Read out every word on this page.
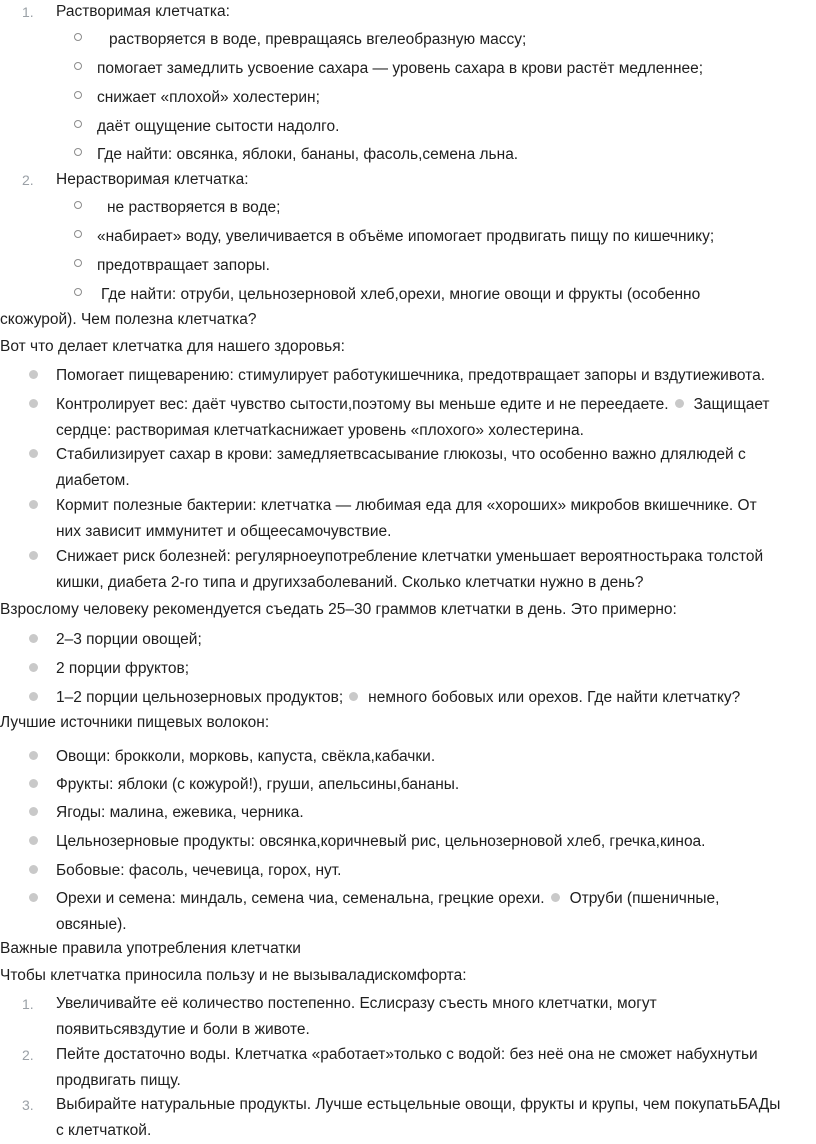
1. Растворимая клетчатка:
растворяется в воде, превращаясь вгелеобразную массу;
помогает замедлить усвоение сахара — уровень сахара в крови растёт медленнее;
снижает «плохой» холестерин;
даёт ощущение сытости надолго.
Где найти: овсянка, яблоки, бананы, фасоль,семена льна.
2. Нерастворимая клетчатка:
не растворяется в воде;
«набирает» воду, увеличивается в объёме ипомогает продвигать пищу по кишечнику;
предотвращает запоры.
Где найти: отруби, цельнозерновой хлеб,орехи, многие овощи и фрукты (особенно
скожурой). Чем полезна клетчатка?
Вот что делает клетчатка для нашего здоровья:
Помогает пищеварению: стимулирует работукишечника, предотвращает запоры и вздутиеживота.
Контролирует вес: даёт чувство сытости,поэтому вы меньше едите и не переедаете. Защищает
сердце: растворимая клетчатkаснижает уровень «плохого» холестерина.
Стабилизирует сахар в крови: замедляетвсасывание глюкозы, что особенно важно длялюдей с
диабетом.
Кормит полезные бактерии: клетчатка — любимая еда для «хороших» микробов вкишечнике. От
них зависит иммунитет и общеесамочувствие.
Снижает риск болезней: регулярноеупотребление клетчатки уменьшает вероятностьрака толстой
кишки, диабета 2-го типа и другихзаболеваний. Сколько клетчатки нужно в день?
Взрослому человеку рекомендуется съедать 25–30 граммов клетчатки в день. Это примерно:
2–3 порции овощей;
2 порции фруктов;
1–2 порции цельнозерновых продуктов; немного бобовых или орехов. Где найти клетчатку?
Лучшие источники пищевых волокон:
Овощи: брокколи, морковь, капуста, свёкла,кабачки.
Фрукты: яблоки (с кожурой!), груши, апельсины,бананы.
Ягоды: малина, ежевика, черника.
Цельнозерновые продукты: овсянка,коричневый рис, цельнозерновой хлеб, гречка,киноа.
Бобовые: фасоль, чечевица, горох, нут.
Орехи и семена: миндаль, семена чиа, семенальна, грецкие орехи. Отруби (пшеничные,
овсяные).
Важные правила употребления клетчатки
Чтобы клетчатка приносила пользу и не вызываладискомфорта:
1. Увеличивайте её количество постепенно. Еслисразу съесть много клетчатки, могут
появитьсявздутие и боли в животе.
2. Пейте достаточно воды. Клетчатка «работает»только с водой: без неё она не сможет набухнутьи
продвигать пищу.
3. Выбирайте натуральные продукты. Лучше естьцельные овощи, фрукты и крупы, чем покупатьБАДы
с клетчаткой.
